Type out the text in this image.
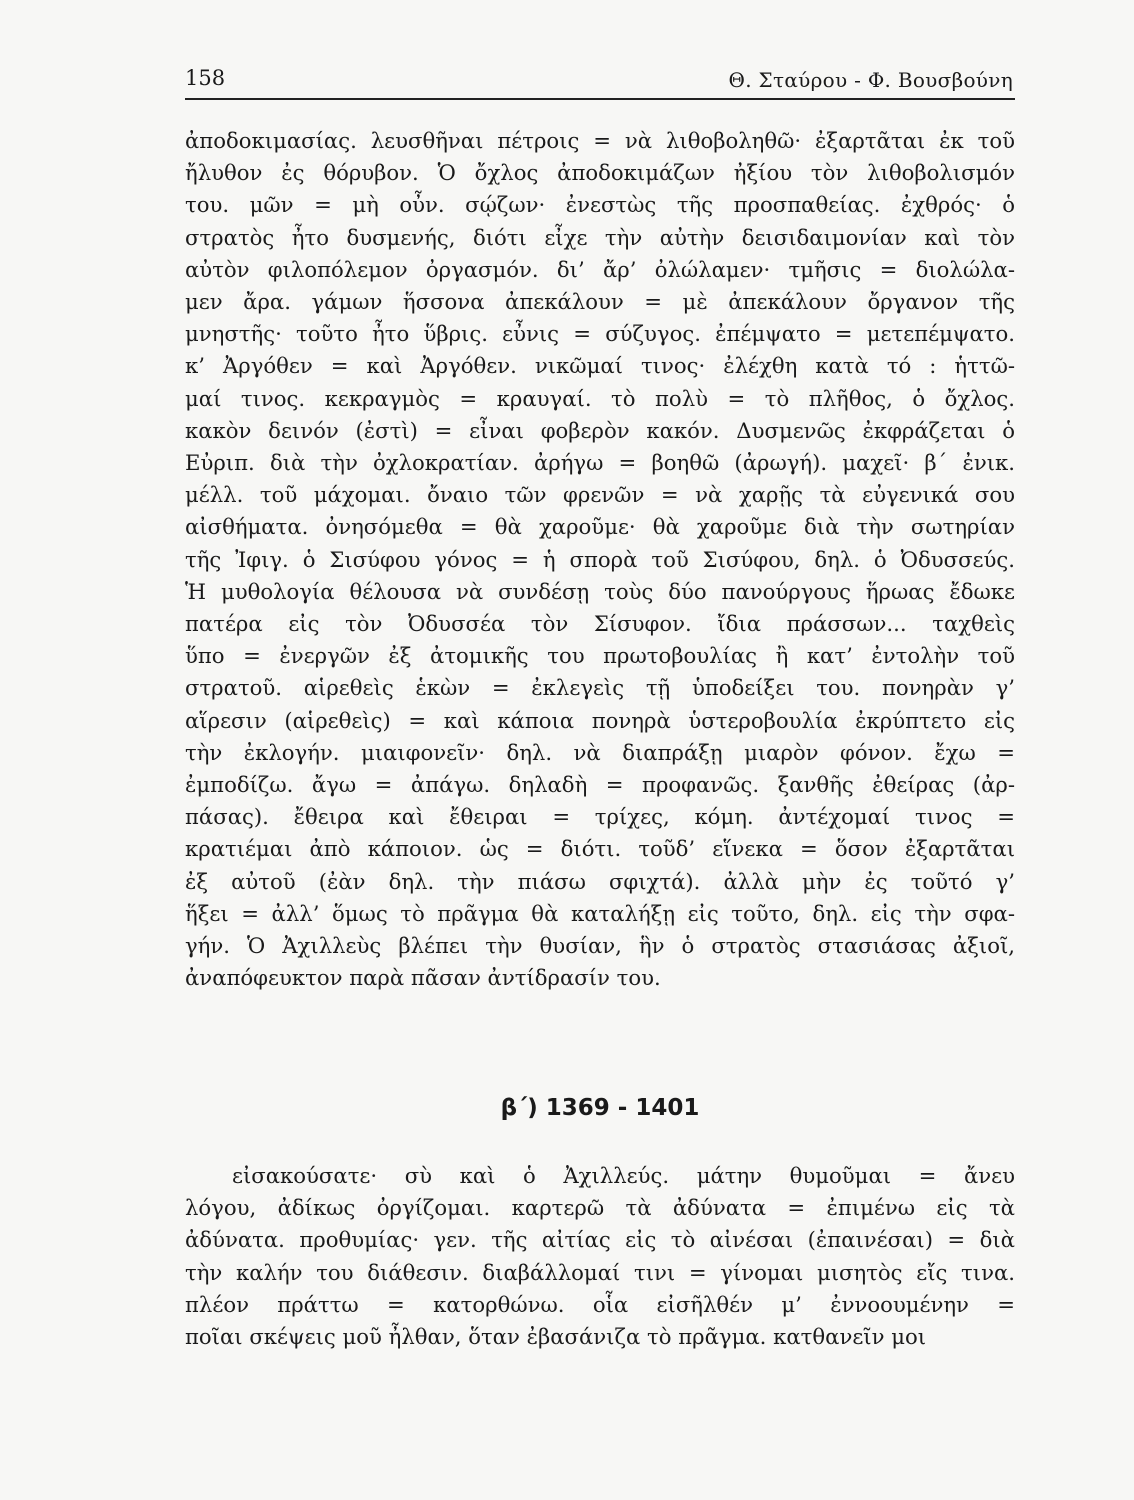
158	Θ. Σταύρου - Φ. Βουσβούνη
ἀποδοκιμασίας. λευσθῆναι πέτροις = νὰ λιθοβοληθῶ· ἐξαρτᾶται ἐκ τοῦ
ἤλυθον ἐς θόρυβον. Ὁ ὄχλος ἀποδοκιμάζων ἠξίου τὸν λιθοβολισμόν
του. μῶν = μὴ οὖν. σῴζων· ἐνεστὼς τῆς προσπαθείας. ἐχθρός· ὁ
στρατὸς ἦτο δυσμενής, διότι εἶχε τὴν αὐτὴν δεισιδαιμονίαν καὶ τὸν
αὐτὸν φιλοπόλεμον ὀργασμόν. δι’ ἄρ’ ὀλώλαμεν· τμῆσις = διολώλα-
μεν ἄρα. γάμων ἥσσονα ἀπεκάλουν = μὲ ἀπεκάλουν ὄργανον τῆς
μνηστῆς· τοῦτο ἦτο ὕβρις. εὖνις = σύζυγος. ἐπέμψατο = μετεπέμψατο.
κ’ Ἀργόθεν = καὶ Ἀργόθεν. νικῶμαί τινος· ἐλέχθη κατὰ τό : ἡττῶ-
μαί τινος. κεκραγμὸς = κραυγαί. τὸ πολὺ = τὸ πλῆθος, ὁ ὄχλος.
κακὸν δεινόν (ἐστὶ) = εἶναι φοβερὸν κακόν. Δυσμενῶς ἐκφράζεται ὁ
Εὐριπ. διὰ τὴν ὀχλοκρατίαν. ἀρήγω = βοηθῶ (ἀρωγή). μαχεῖ· β΄ ἐνικ.
μέλλ. τοῦ μάχομαι. ὄναιο τῶν φρενῶν = νὰ χαρῇς τὰ εὐγενικά σου
αἰσθήματα. ὀνησόμεθα = θὰ χαροῦμε· θὰ χαροῦμε διὰ τὴν σωτηρίαν
τῆς Ἰφιγ. ὁ Σισύφου γόνος = ἡ σπορὰ τοῦ Σισύφου, δηλ. ὁ Ὀδυσσεύς.
Ἡ μυθολογία θέλουσα νὰ συνδέσῃ τοὺς δύο πανούργους ἥρωας ἔδωκε
πατέρα εἰς τὸν Ὀδυσσέα τὸν Σίσυφον. ἴδια πράσσων... ταχθεὶς
ὕπο = ἐνεργῶν ἐξ ἀτομικῆς του πρωτοβουλίας ἢ κατ’ ἐντολὴν τοῦ
στρατοῦ. αἱρεθεὶς ἑκὼν = ἐκλεγεὶς τῇ ὑποδείξει του. πονηρὰν γ’
αἵρεσιν (αἱρεθεὶς) = καὶ κάποια πονηρὰ ὑστεροβουλία ἐκρύπτετο εἰς
τὴν ἐκλογήν. μιαιφονεῖν· δηλ. νὰ διαπράξῃ μιαρὸν φόνον. ἔχω =
ἐμποδίζω. ἄγω = ἀπάγω. δηλαδὴ = προφανῶς. ξανθῆς ἐθείρας (ἀρ-
πάσας). ἔθειρα καὶ ἔθειραι = τρίχες, κόμη. ἀντέχομαί τινος =
κρατιέμαι ἀπὸ κάποιον. ὡς = διότι. τοῦδ’ εἵνεκα = ὅσον ἐξαρτᾶται
ἐξ αὐτοῦ (ἐὰν δηλ. τὴν πιάσω σφιχτά). ἀλλὰ μὴν ἐς τοῦτό γ’
ἥξει = ἀλλ’ ὅμως τὸ πρᾶγμα θὰ καταλήξῃ εἰς τοῦτο, δηλ. εἰς τὴν σφα-
γήν. Ὁ Ἀχιλλεὺς βλέπει τὴν θυσίαν, ἣν ὁ στρατὸς στασιάσας ἀξιοῖ,
ἀναπόφευκτον παρὰ πᾶσαν ἀντίδρασίν του.
β΄) 1369 - 1401
εἰσακούσατε· σὺ καὶ ὁ Ἀχιλλεύς. μάτην θυμοῦμαι = ἄνευ
λόγου, ἀδίκως ὀργίζομαι. καρτερῶ τὰ ἀδύνατα = ἐπιμένω εἰς τὰ
ἀδύνατα. προθυμίας· γεν. τῆς αἰτίας εἰς τὸ αἰνέσαι (ἐπαινέσαι) = διὰ
τὴν καλήν του διάθεσιν. διαβάλλομαί τινι = γίνομαι μισητὸς εἴς τινα.
πλέον πράττω = κατορθώνω. οἷα εἰσῆλθέν μ’ ἐννοουμένην =
ποῖαι σκέψεις μοῦ ἦλθαν, ὅταν ἐβασάνιζα τὸ πρᾶγμα. κατθανεῖν μοι
